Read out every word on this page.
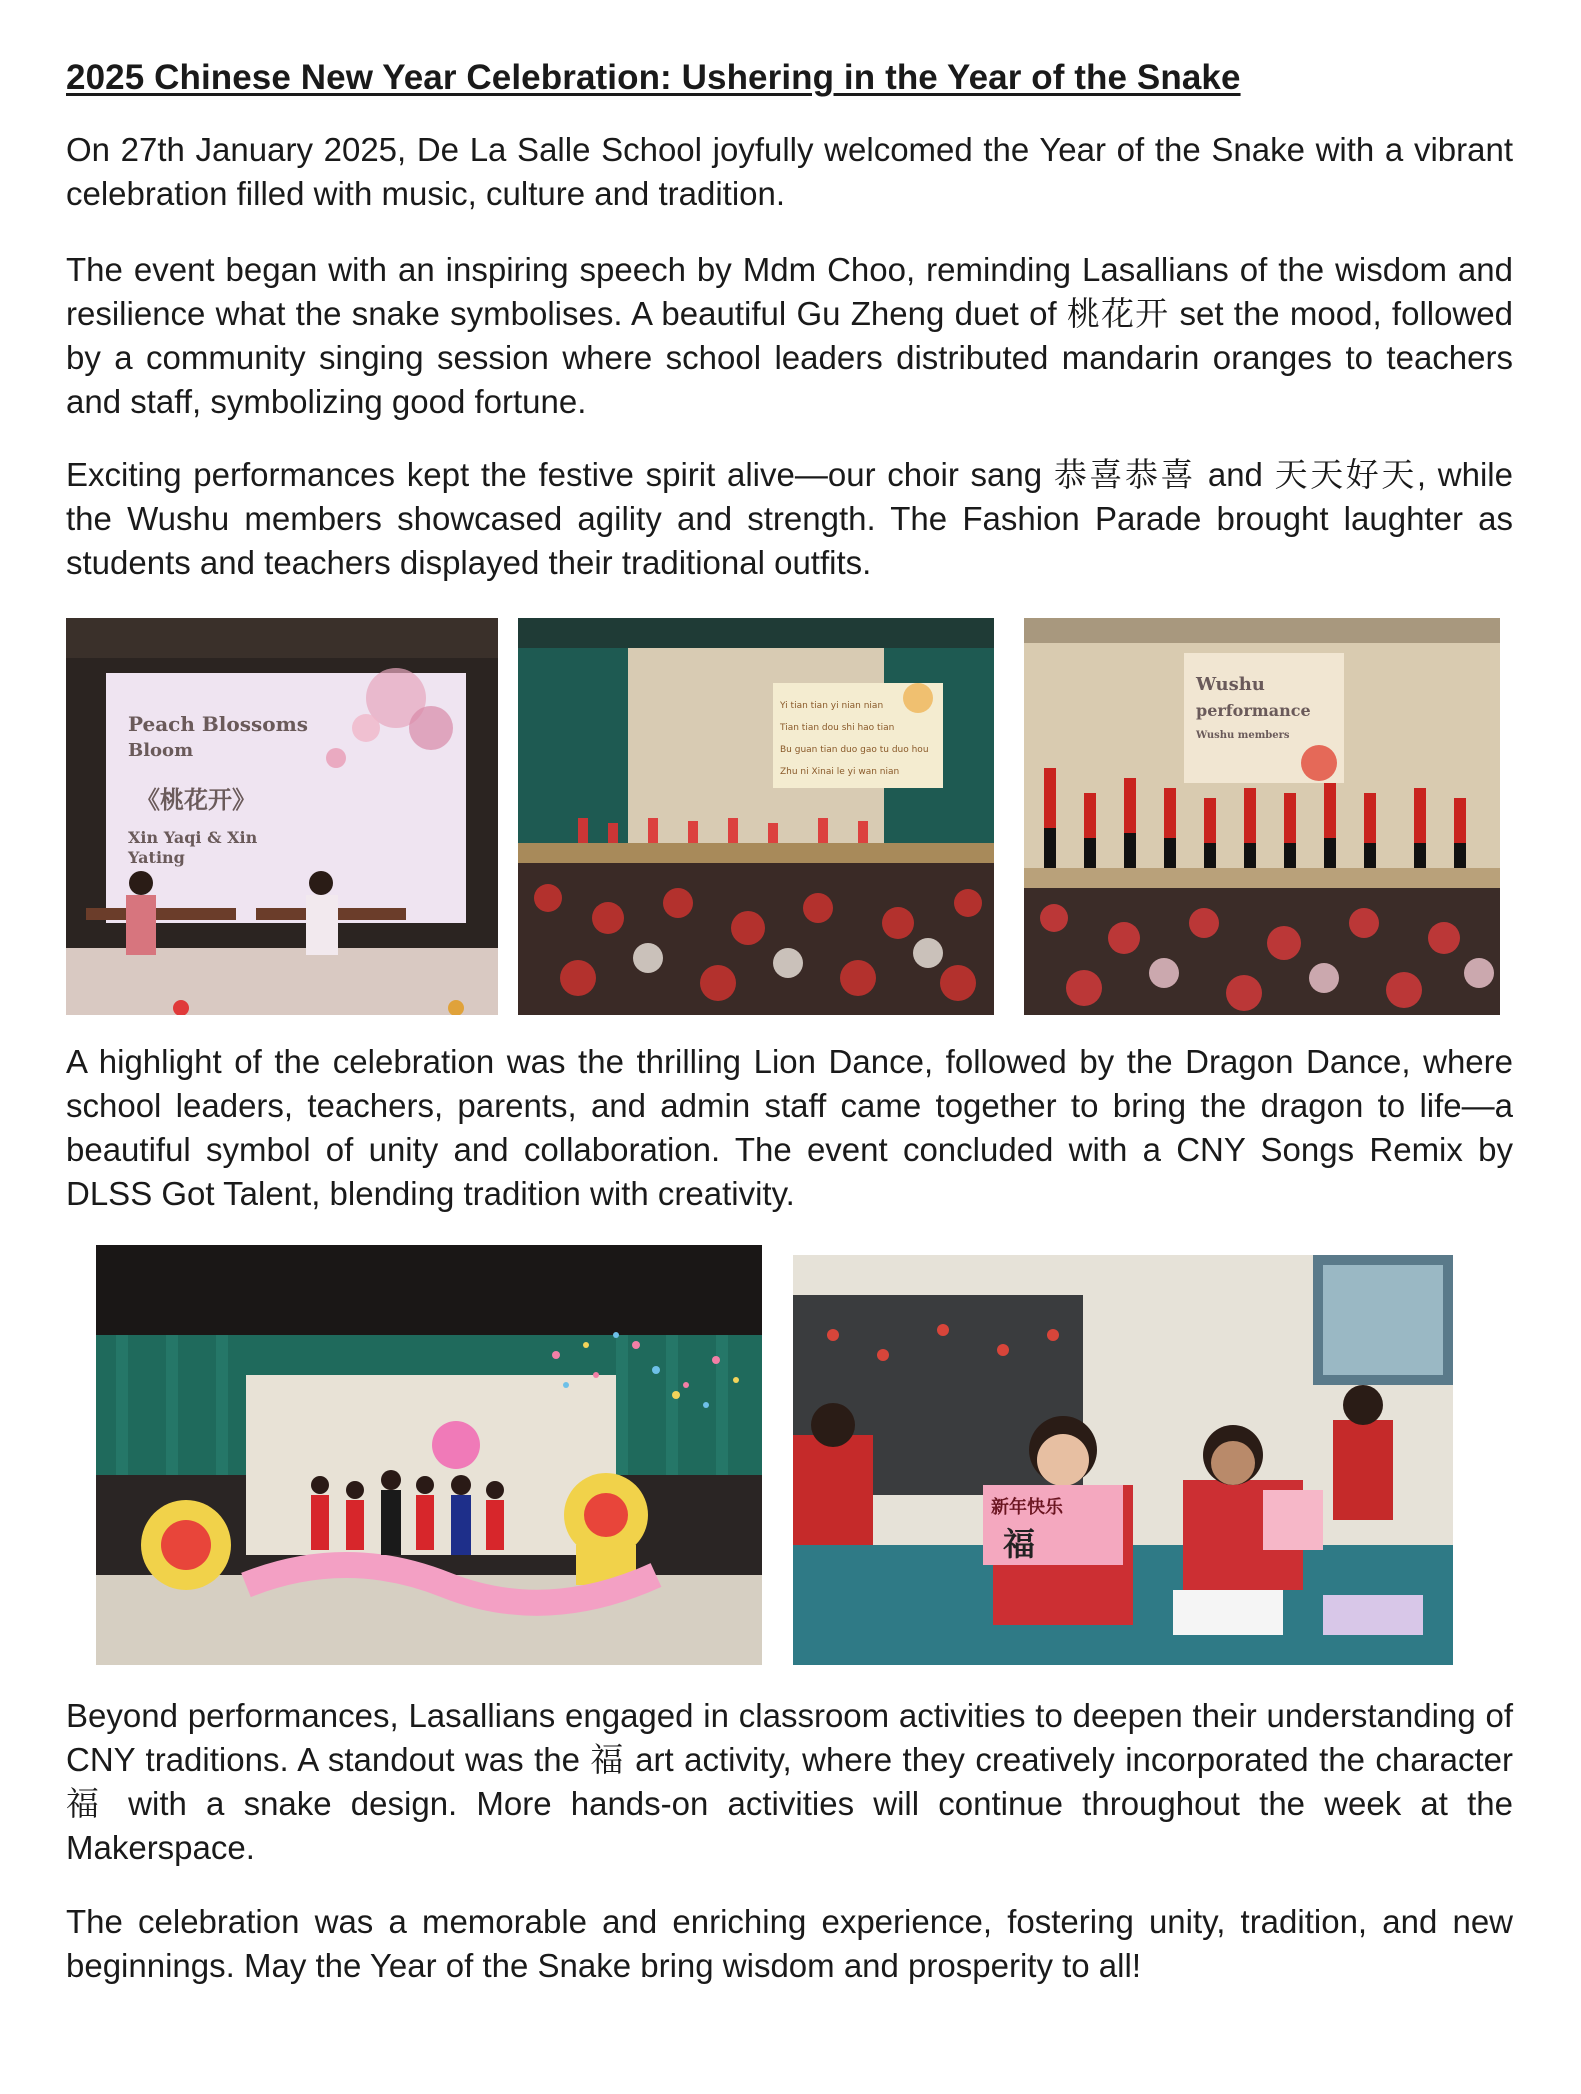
2025 Chinese New Year Celebration: Ushering in the Year of the Snake

On 27th January 2025, De La Salle School joyfully welcomed the Year of the Snake with a vibrant celebration filled with music, culture and tradition.

The event began with an inspiring speech by Mdm Choo, reminding Lasallians of the wisdom and resilience what the snake symbolises. A beautiful Gu Zheng duet of 桃花开 set the mood, followed by a community singing session where school leaders distributed mandarin oranges to teachers and staff, symbolizing good fortune.

Exciting performances kept the festive spirit alive—our choir sang 恭喜恭喜 and 天天好天, while the Wushu members showcased agility and strength. The Fashion Parade brought laughter as students and teachers displayed their traditional outfits.

Peach Blossoms
Bloom
《桃花开》
Xin Yaqi & Xin
Yating
Yi tian tian yi nian nian
Tian tian dou shi hao tian
Bu guan tian duo gao tu duo hou
Zhu ni Xinai le yi wan nian
Wushu
performance
Wushu members

A highlight of the celebration was the thrilling Lion Dance, followed by the Dragon Dance, where school leaders, teachers, parents, and admin staff came together to bring the dragon to life—a beautiful symbol of unity and collaboration. The event concluded with a CNY Songs Remix by DLSS Got Talent, blending tradition with creativity.

新年快乐
福

Beyond performances, Lasallians engaged in classroom activities to deepen their understanding of CNY traditions. A standout was the 福 art activity, where they creatively incorporated the character 福 with a snake design. More hands-on activities will continue throughout the week at the Makerspace.

The celebration was a memorable and enriching experience, fostering unity, tradition, and new beginnings. May the Year of the Snake bring wisdom and prosperity to all!
